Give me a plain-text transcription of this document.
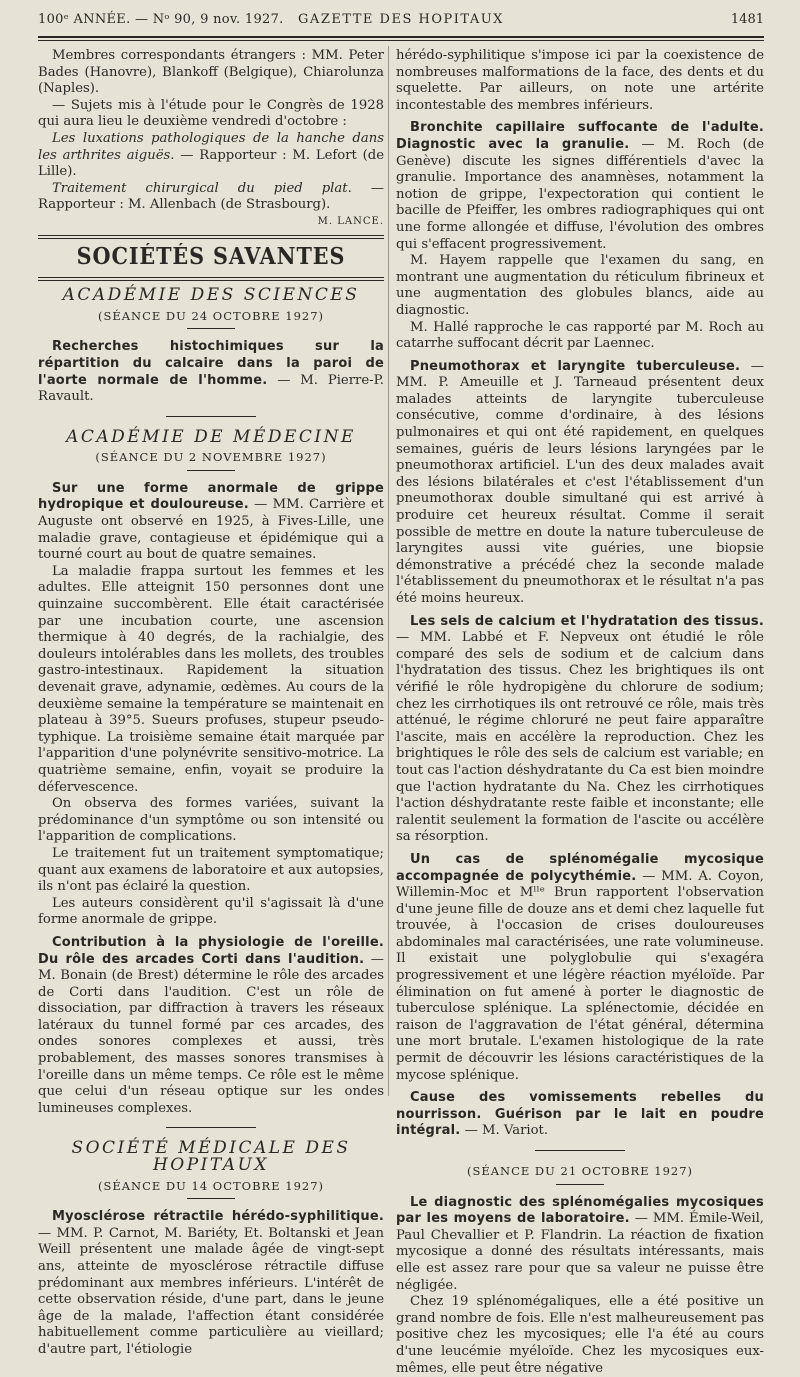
100ᵉ ANNÉE. — Nᵒ 90, 9 nov. 1927.	GAZETTE DES HOPITAUX	1481

Membres correspondants étrangers : MM. Peter Bades (Hanovre), Blankoff (Belgique), Chiarolunza (Naples).

— Sujets mis à l'étude pour le Congrès de 1928 qui aura lieu le deuxième vendredi d'octobre :

Les luxations pathologiques de la hanche dans les arthrites aiguës. — Rapporteur : M. Lefort (de Lille).

Traitement chirurgical du pied plat. — Rapporteur : M. Allenbach (de Strasbourg).

M. LANCE.

SOCIÉTÉS SAVANTES
ACADÉMIE DES SCIENCES
(SÉANCE DU 24 OCTOBRE 1927)

Recherches histochimiques sur la répartition du calcaire dans la paroi de l'aorte normale de l'homme. — M. Pierre-P. Ravault.

ACADÉMIE DE MÉDECINE
(SÉANCE DU 2 NOVEMBRE 1927)

Sur une forme anormale de grippe hydropique et douloureuse. — MM. Carrière et Auguste ont observé en 1925, à Fives-Lille, une maladie grave, contagieuse et épidémique qui a tourné court au bout de quatre semaines.

La maladie frappa surtout les femmes et les adultes. Elle atteignit 150 personnes dont une quinzaine succombèrent. Elle était caractérisée par une incubation courte, une ascension thermique à 40 degrés, de la rachialgie, des douleurs intolérables dans les mollets, des troubles gastro-intestinaux. Rapidement la situation devenait grave, adynamie, œdèmes. Au cours de la deuxième semaine la température se maintenait en plateau à 39°5. Sueurs profuses, stupeur pseudo-typhique. La troisième semaine était marquée par l'apparition d'une polynévrite sensitivo-motrice. La quatrième semaine, enfin, voyait se produire la défervescence.

On observa des formes variées, suivant la prédominance d'un symptôme ou son intensité ou l'apparition de complications.

Le traitement fut un traitement symptomatique; quant aux examens de laboratoire et aux autopsies, ils n'ont pas éclairé la question.

Les auteurs considèrent qu'il s'agissait là d'une forme anormale de grippe.

Contribution à la physiologie de l'oreille. Du rôle des arcades Corti dans l'audition. — M. Bonain (de Brest) détermine le rôle des arcades de Corti dans l'audition. C'est un rôle de dissociation, par diffraction à travers les réseaux latéraux du tunnel formé par ces arcades, des ondes sonores complexes et aussi, très probablement, des masses sonores transmises à l'oreille dans un même temps. Ce rôle est le même que celui d'un réseau optique sur les ondes lumineuses complexes.

SOCIÉTÉ MÉDICALE DES HOPITAUX
(SÉANCE DU 14 OCTOBRE 1927)

Myosclérose rétractile hérédo-syphilitique. — MM. P. Carnot, M. Bariéty, Et. Boltanski et Jean Weill présentent une malade âgée de vingt-sept ans, atteinte de myosclérose rétractile diffuse prédominant aux membres inférieurs. L'intérêt de cette observation réside, d'une part, dans le jeune âge de la malade, l'affection étant considérée habituellement comme particulière au vieillard; d'autre part, l'étiologie

hérédo-syphilitique s'impose ici par la coexistence de nombreuses malformations de la face, des dents et du squelette. Par ailleurs, on note une artérite incontestable des membres inférieurs.

Bronchite capillaire suffocante de l'adulte. Diagnostic avec la granulie. — M. Roch (de Genève) discute les signes différentiels d'avec la granulie. Importance des anamnèses, notamment la notion de grippe, l'expectoration qui contient le bacille de Pfeiffer, les ombres radiographiques qui ont une forme allongée et diffuse, l'évolution des ombres qui s'effacent progressivement.

M. Hayem rappelle que l'examen du sang, en montrant une augmentation du réticulum fibrineux et une augmentation des globules blancs, aide au diagnostic.

M. Hallé rapproche le cas rapporté par M. Roch au catarrhe suffocant décrit par Laennec.

Pneumothorax et laryngite tuberculeuse. — MM. P. Ameuille et J. Tarneaud présentent deux malades atteints de laryngite tuberculeuse consécutive, comme d'ordinaire, à des lésions pulmonaires et qui ont été rapidement, en quelques semaines, guéris de leurs lésions laryngées par le pneumothorax artificiel. L'un des deux malades avait des lésions bilatérales et c'est l'établissement d'un pneumothorax double simultané qui est arrivé à produire cet heureux résultat. Comme il serait possible de mettre en doute la nature tuberculeuse de laryngites aussi vite guéries, une biopsie démonstrative a précédé chez la seconde malade l'établissement du pneumothorax et le résultat n'a pas été moins heureux.

Les sels de calcium et l'hydratation des tissus. — MM. Labbé et F. Nepveux ont étudié le rôle comparé des sels de sodium et de calcium dans l'hydratation des tissus. Chez les brightiques ils ont vérifié le rôle hydropigène du chlorure de sodium; chez les cirrhotiques ils ont retrouvé ce rôle, mais très atténué, le régime chloruré ne peut faire apparaître l'ascite, mais en accélère la reproduction. Chez les brightiques le rôle des sels de calcium est variable; en tout cas l'action déshydratante du Ca est bien moindre que l'action hydratante du Na. Chez les cirrhotiques l'action déshydratante reste faible et inconstante; elle ralentit seulement la formation de l'ascite ou accélère sa résorption.

Un cas de splénomégalie mycosique accompagnée de polycythémie. — MM. A. Coyon, Willemin-Moc et Mˡˡᵉ Brun rapportent l'observation d'une jeune fille de douze ans et demi chez laquelle fut trouvée, à l'occasion de crises douloureuses abdominales mal caractérisées, une rate volumineuse. Il existait une polyglobulie qui s'exagéra progressivement et une légère réaction myéloïde. Par élimination on fut amené à porter le diagnostic de tuberculose splénique. La splénectomie, décidée en raison de l'aggravation de l'état général, détermina une mort brutale. L'examen histologique de la rate permit de découvrir les lésions caractéristiques de la mycose splénique.

Cause des vomissements rebelles du nourrisson. Guérison par le lait en poudre intégral. — M. Variot.

(SÉANCE DU 21 OCTOBRE 1927)

Le diagnostic des splénomégalies mycosiques par les moyens de laboratoire. — MM. Émile-Weil, Paul Chevallier et P. Flandrin. La réaction de fixation mycosique a donné des résultats intéressants, mais elle est assez rare pour que sa valeur ne puisse être négligée.

Chez 19 splénomégaliques, elle a été positive un grand nombre de fois. Elle n'est malheureusement pas positive chez les mycosiques; elle l'a été au cours d'une leucémie myéloïde. Chez les mycosiques eux-mêmes, elle peut être négative
